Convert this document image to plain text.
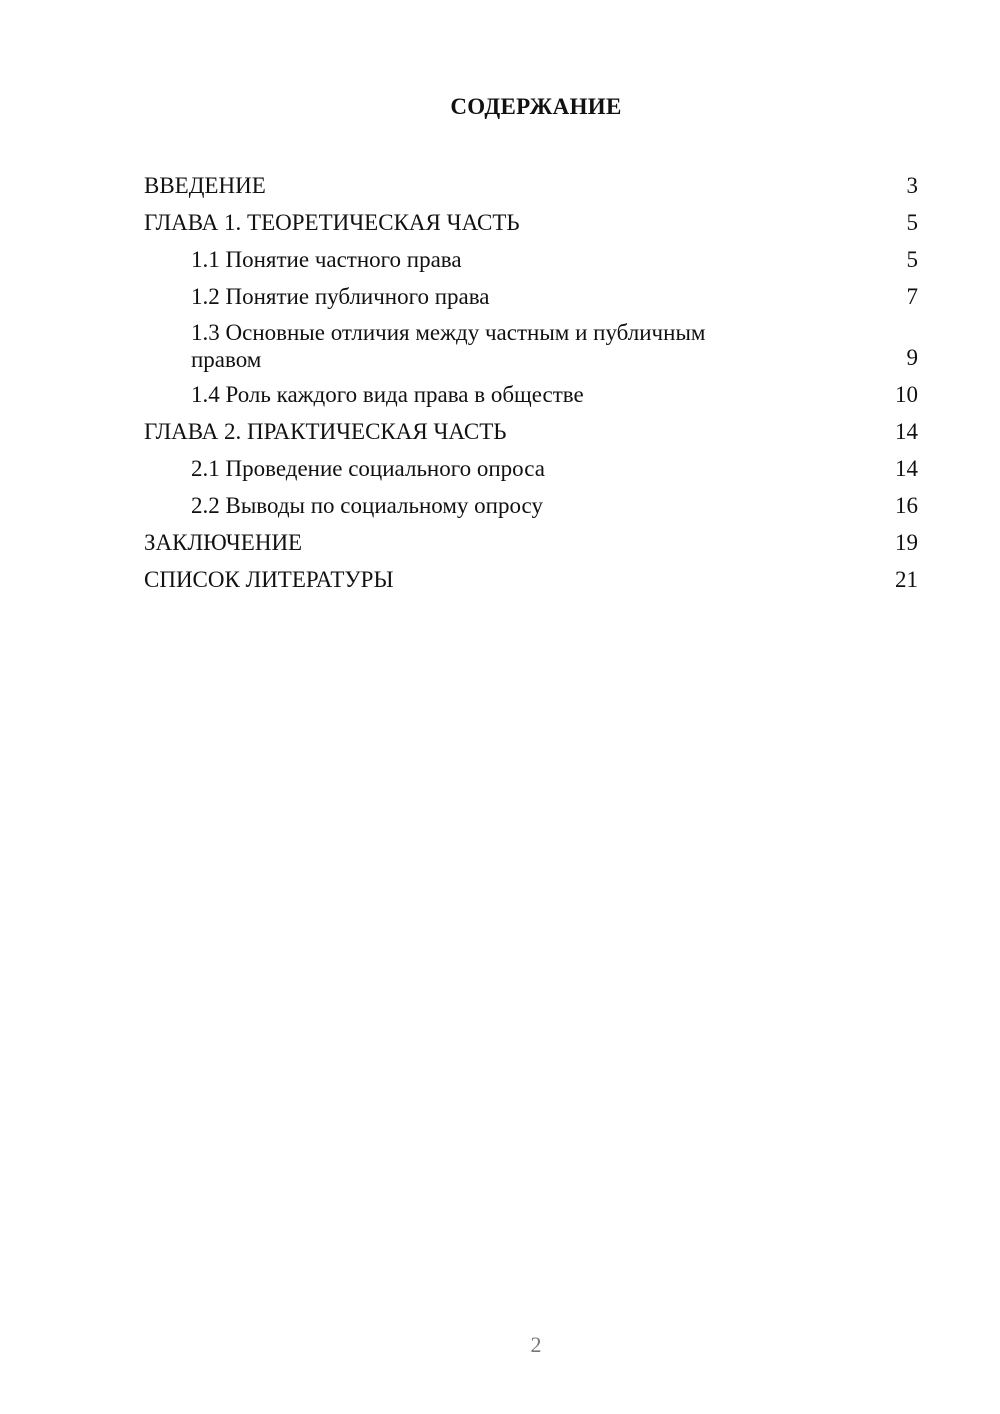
СОДЕРЖАНИЕ
ВВЕДЕНИЕ	3
ГЛАВА 1. ТЕОРЕТИЧЕСКАЯ ЧАСТЬ	5
1.1 Понятие частного права	5
1.2 Понятие публичного права	7
1.3 Основные отличия между частным и публичным правом	9
1.4 Роль каждого вида права в обществе	10
ГЛАВА 2. ПРАКТИЧЕСКАЯ ЧАСТЬ	14
2.1 Проведение социального опроса	14
2.2 Выводы по социальному опросу	16
ЗАКЛЮЧЕНИЕ	19
СПИСОК ЛИТЕРАТУРЫ	21
2
